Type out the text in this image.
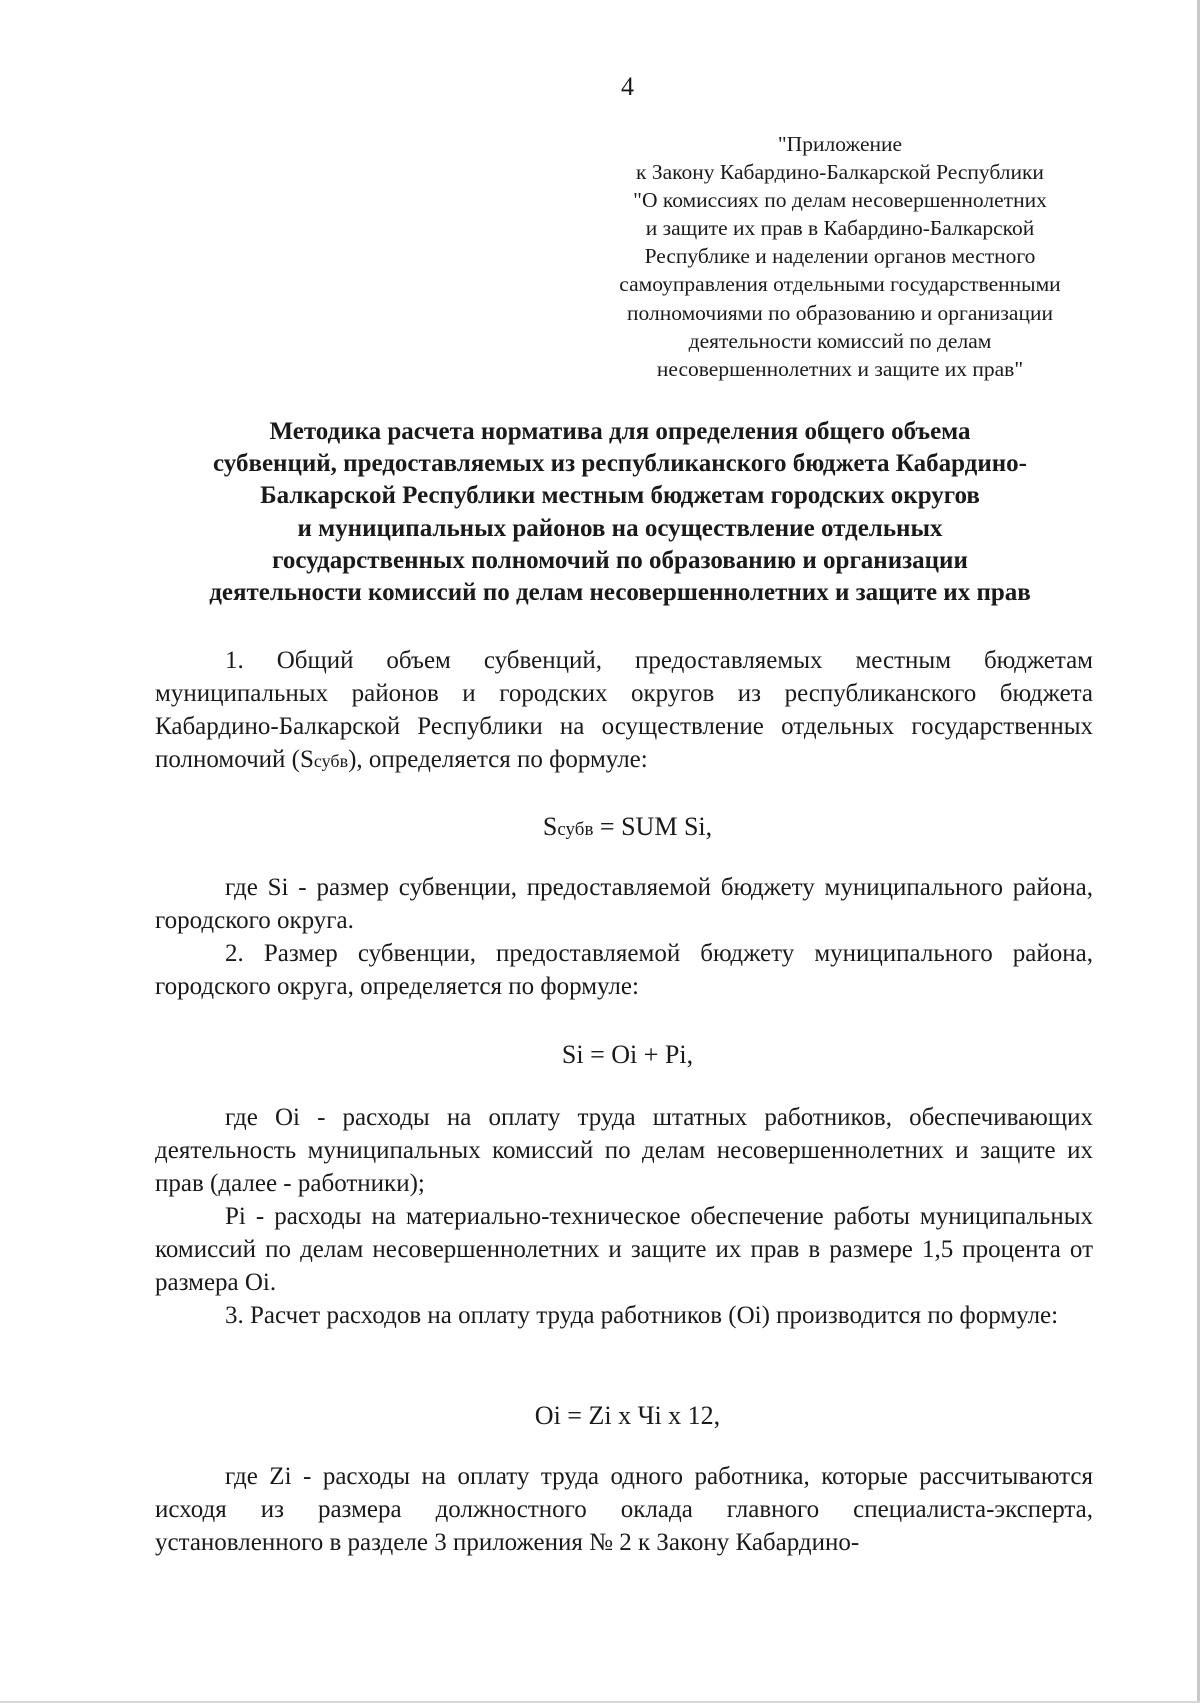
4
"Приложение
к Закону Кабардино-Балкарской Республики
"О комиссиях по делам несовершеннолетних
и защите их прав в Кабардино-Балкарской
Республике и наделении органов местного
самоуправления отдельными государственными
полномочиями по образованию и организации
деятельности комиссий по делам
несовершеннолетних и защите их прав"
Методика расчета норматива для определения общего объема
субвенций, предоставляемых из республиканского бюджета Кабардино-
Балкарской Республики местным бюджетам городских округов
и муниципальных районов на осуществление отдельных
государственных полномочий по образованию и организации
деятельности комиссий по делам несовершеннолетних и защите их прав

1. Общий объем субвенций, предоставляемых местным бюджетам муниципальных районов и городских округов из республиканского бюджета Кабардино-Балкарской Республики на осуществление отдельных государственных полномочий (Sсубв), определяется по формуле:

Sсубв = SUM Si,

где Si - размер субвенции, предоставляемой бюджету муниципального района, городского округа.

2. Размер субвенции, предоставляемой бюджету муниципального района, городского округа, определяется по формуле:

Si = Oi + Pi,

где Oi - расходы на оплату труда штатных работников, обеспечивающих деятельность муниципальных комиссий по делам несовершеннолетних и защите их прав (далее - работники);

Pi - расходы на материально-техническое обеспечение работы муниципальных комиссий по делам несовершеннолетних и защите их прав в размере 1,5 процента от размера Oi.

3. Расчет расходов на оплату труда работников (Oi) производится по формуле:

Oi = Zi x Чi x 12,

где Zi - расходы на оплату труда одного работника, которые рассчитываются исходя из размера должностного оклада главного специалиста-эксперта, установленного в разделе 3 приложения № 2 к Закону Кабардино-
